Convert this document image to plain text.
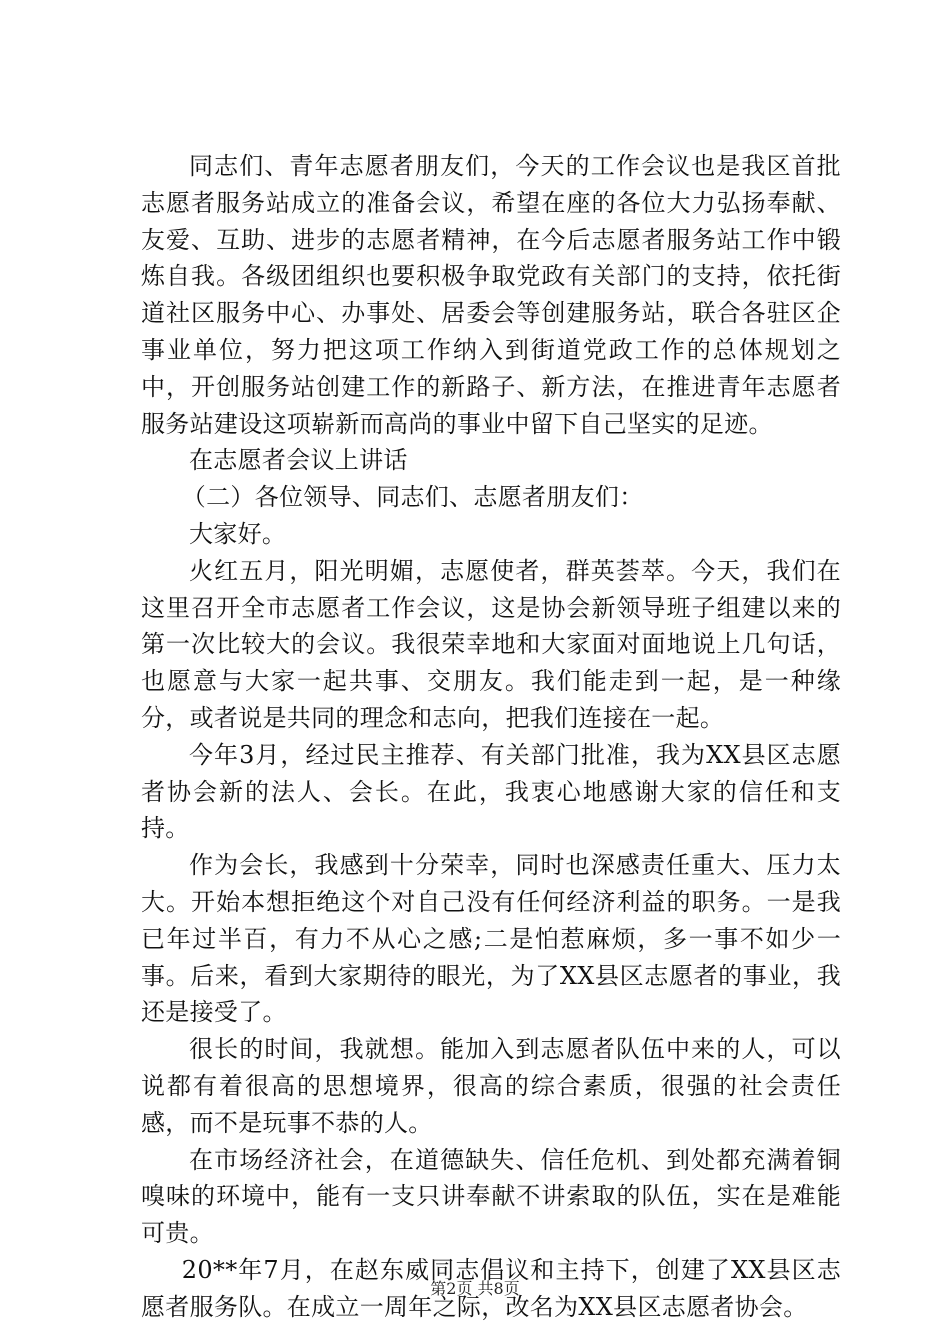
同志们、青年志愿者朋友们，今天的工作会议也是我区首批志愿者服务站成立的准备会议，希望在座的各位大力弘扬奉献、友爱、互助、进步的志愿者精神，在今后志愿者服务站工作中锻炼自我。各级团组织也要积极争取党政有关部门的支持，依托街道社区服务中心、办事处、居委会等创建服务站，联合各驻区企事业单位，努力把这项工作纳入到街道党政工作的总体规划之中，开创服务站创建工作的新路子、新方法，在推进青年志愿者服务站建设这项崭新而高尚的事业中留下自己坚实的足迹。

在志愿者会议上讲话

（二）各位领导、同志们、志愿者朋友们：

大家好。

火红五月，阳光明媚，志愿使者，群英荟萃。今天，我们在这里召开全市志愿者工作会议，这是协会新领导班子组建以来的第一次比较大的会议。我很荣幸地和大家面对面地说上几句话，也愿意与大家一起共事、交朋友。我们能走到一起，是一种缘分，或者说是共同的理念和志向，把我们连接在一起。

今年3月，经过民主推荐、有关部门批准，我为XX县区志愿者协会新的法人、会长。在此，我衷心地感谢大家的信任和支持。

作为会长，我感到十分荣幸，同时也深感责任重大、压力太大。开始本想拒绝这个对自己没有任何经济利益的职务。一是我已年过半百，有力不从心之感;二是怕惹麻烦，多一事不如少一事。后来，看到大家期待的眼光，为了XX县区志愿者的事业，我还是接受了。

很长的时间，我就想。能加入到志愿者队伍中来的人，可以说都有着很高的思想境界，很高的综合素质，很强的社会责任感，而不是玩事不恭的人。

在市场经济社会，在道德缺失、信任危机、到处都充满着铜嗅味的环境中，能有一支只讲奉献不讲索取的队伍，实在是难能可贵。

20**年7月，在赵东威同志倡议和主持下，创建了XX县区志愿者服务队。在成立一周年之际，改名为XX县区志愿者协会。

第2页 共8页
